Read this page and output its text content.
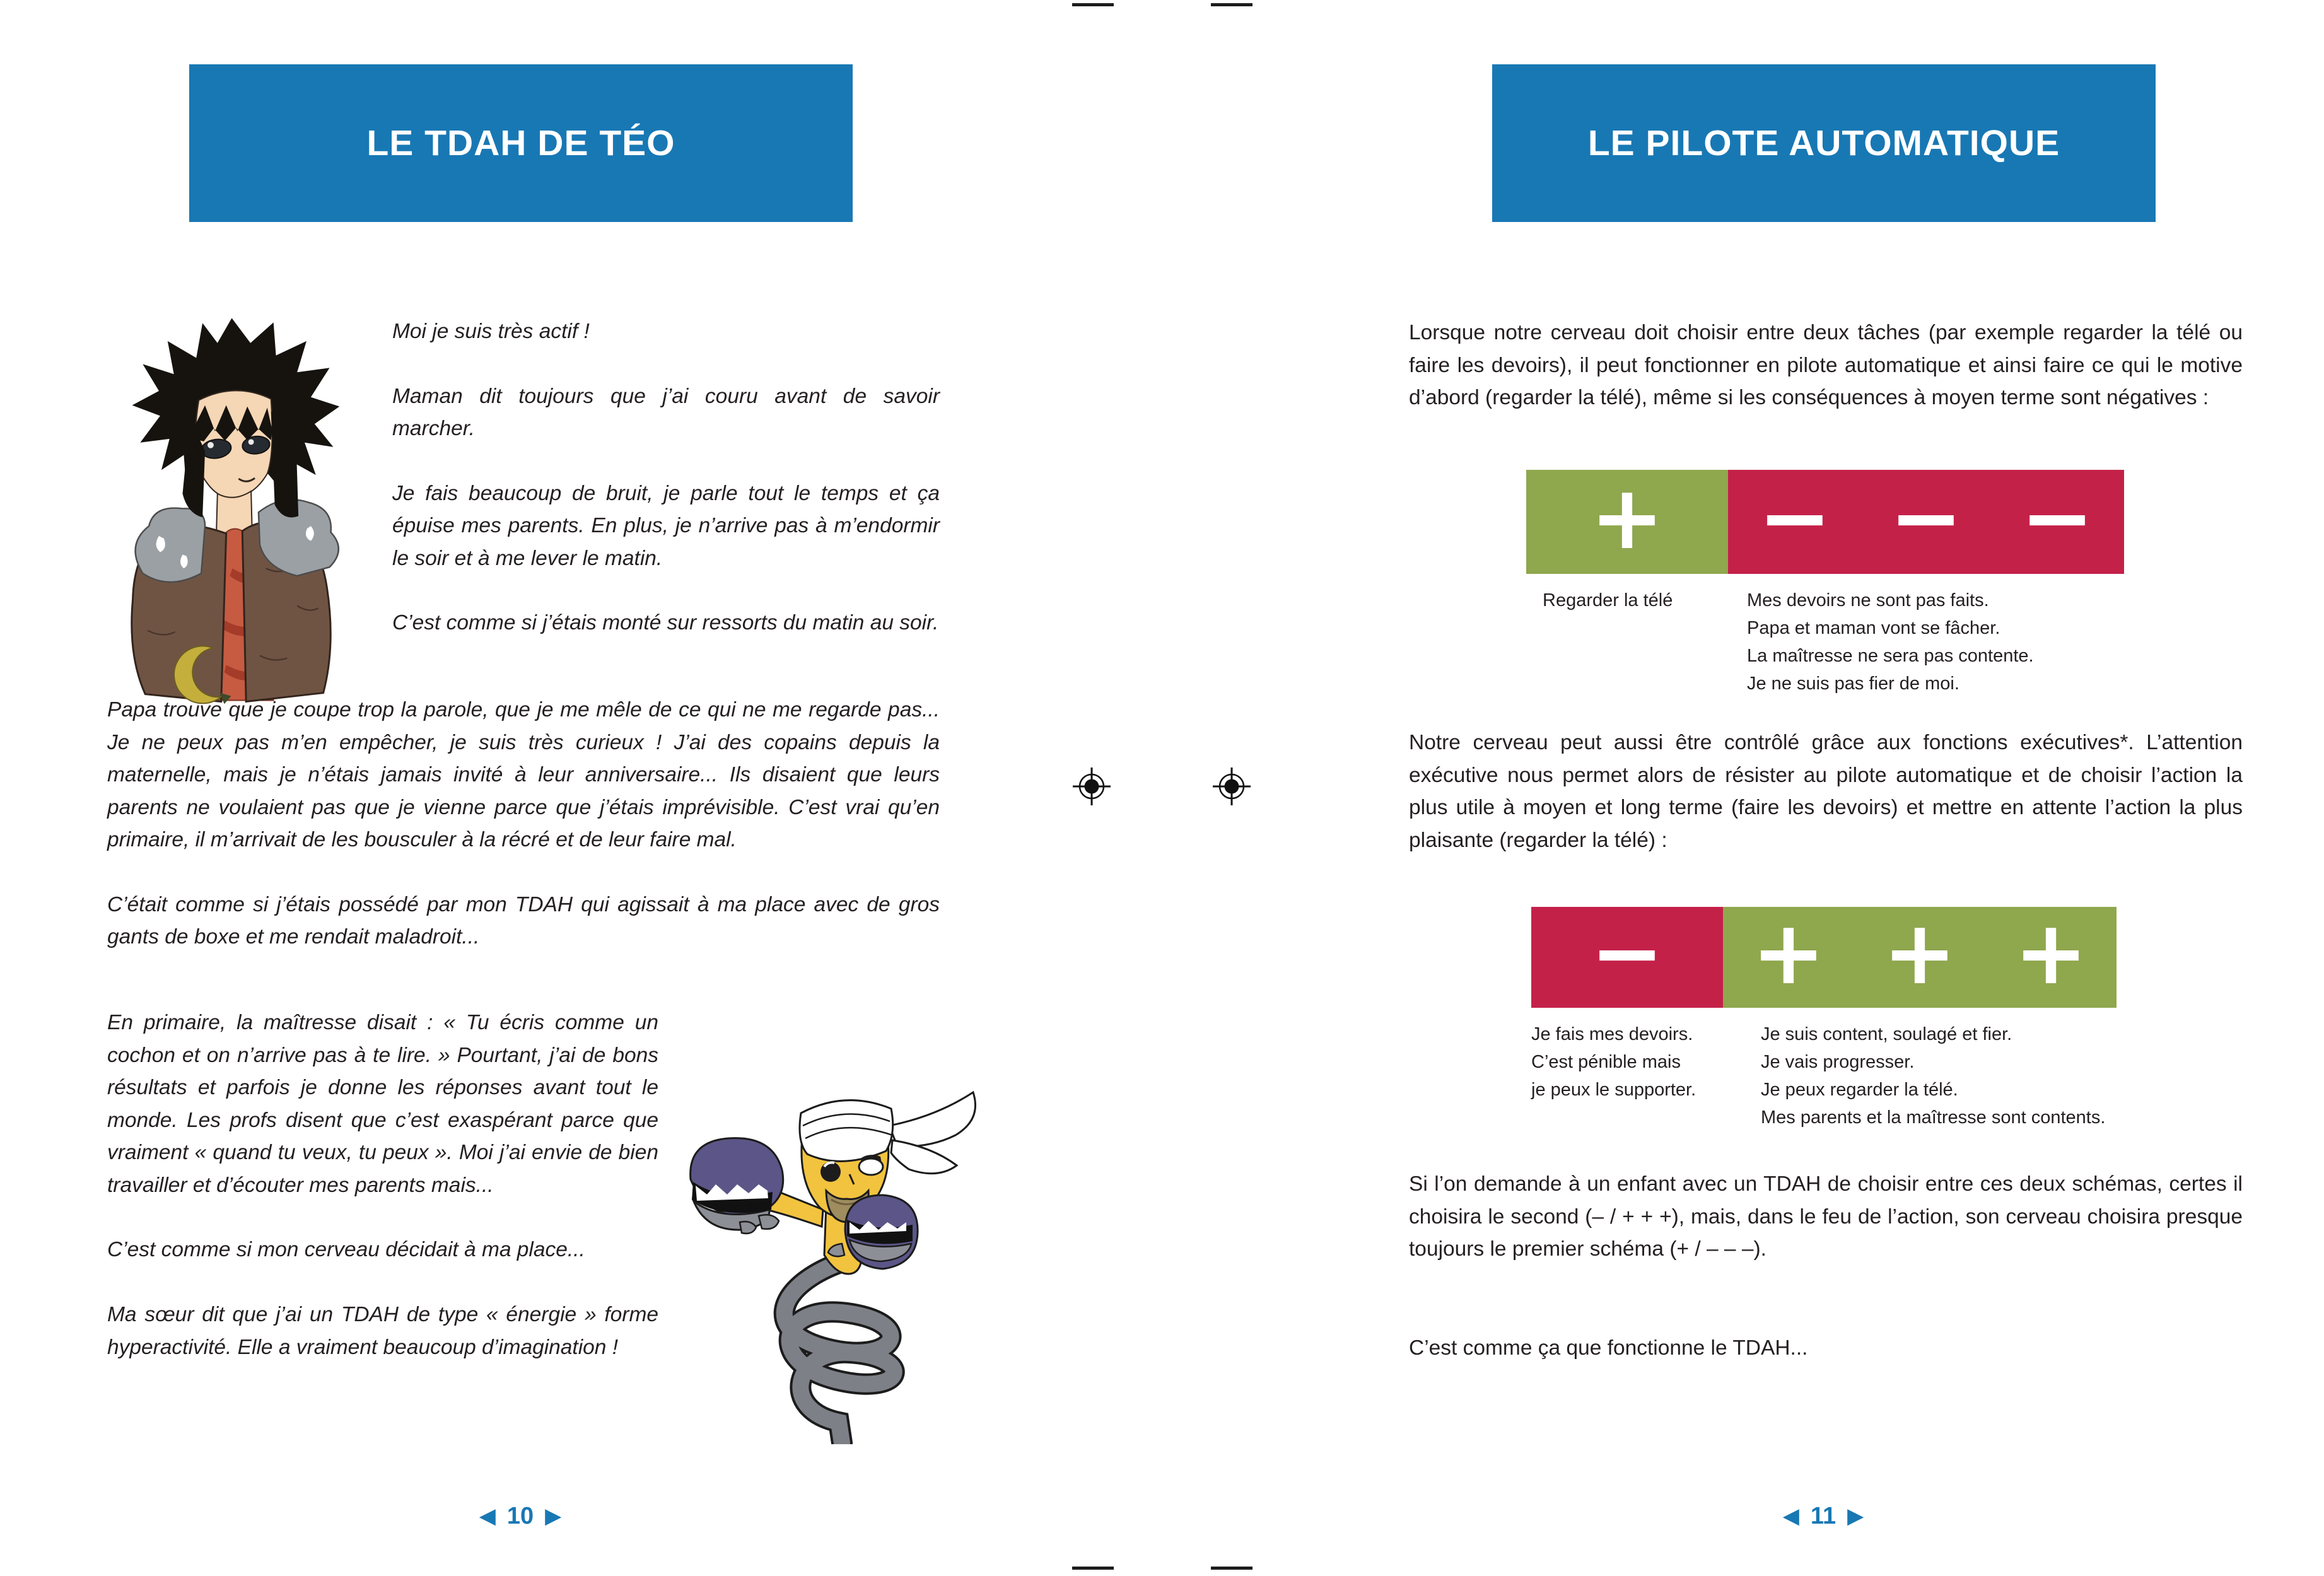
LE TDAH DE TÉO

Moi je suis très actif !

Maman dit toujours que j’ai couru avant de savoir marcher.

Je fais beaucoup de bruit, je parle tout le temps et ça épuise mes parents. En plus, je n’arrive pas à m’endormir le soir et à me lever le matin.

C’est comme si j’étais monté sur ressorts du matin au soir.

Papa trouve que je coupe trop la parole, que je me mêle de ce qui ne me regarde pas... Je ne peux pas m’en empêcher, je suis très curieux ! J’ai des copains depuis la maternelle, mais je n’étais jamais invité à leur anniversaire... Ils disaient que leurs parents ne voulaient pas que je vienne parce que j’étais imprévisible. C’est vrai qu’en primaire, il m’arrivait de les bousculer à la récré et de leur faire mal.

C’était comme si j’étais possédé par mon TDAH qui agissait à ma place avec de gros gants de boxe et me rendait maladroit...

En primaire, la maîtresse disait : « Tu écris comme un cochon et on n’arrive pas à te lire. » Pourtant, j’ai de bons résultats et parfois je donne les réponses avant tout le monde. Les profs disent que c’est exaspérant parce que vraiment « quand tu veux, tu peux ». Moi j’ai envie de bien travailler et d’écouter mes parents mais...

C’est comme si mon cerveau décidait à ma place...

Ma sœur dit que j’ai un TDAH de type « énergie » forme hyperactivité. Elle a vraiment beaucoup d’imagination !

◀ 10 ▶
LE PILOTE AUTOMATIQUE

Lorsque notre cerveau doit choisir entre deux tâches (par exemple regarder la télé ou faire les devoirs), il peut fonctionner en pilote automatique et ainsi faire ce qui le motive d’abord (regarder la télé), même si les conséquences à moyen terme sont négatives :

+ − − −
Regarder la télé	Mes devoirs ne sont pas faits.
Papa et maman vont se fâcher.
La maîtresse ne sera pas contente.
Je ne suis pas fier de moi.

Notre cerveau peut aussi être contrôlé grâce aux fonctions exécutives*. L’attention exécutive nous permet alors de résister au pilote automatique et de choisir l’action la plus utile à moyen et long terme (faire les devoirs) et mettre en attente l’action la plus plaisante (regarder la télé) :

− + + +
Je fais mes devoirs.
C’est pénible mais
je peux le supporter.
Je suis content, soulagé et fier.
Je vais progresser.
Je peux regarder la télé.
Mes parents et la maîtresse sont contents.

Si l’on demande à un enfant avec un TDAH de choisir entre ces deux schémas, certes il choisira le second (– / + + +), mais, dans le feu de l’action, son cerveau choisira presque toujours le premier schéma (+ / – – –).

C’est comme ça que fonctionne le TDAH...

◀ 11 ▶
